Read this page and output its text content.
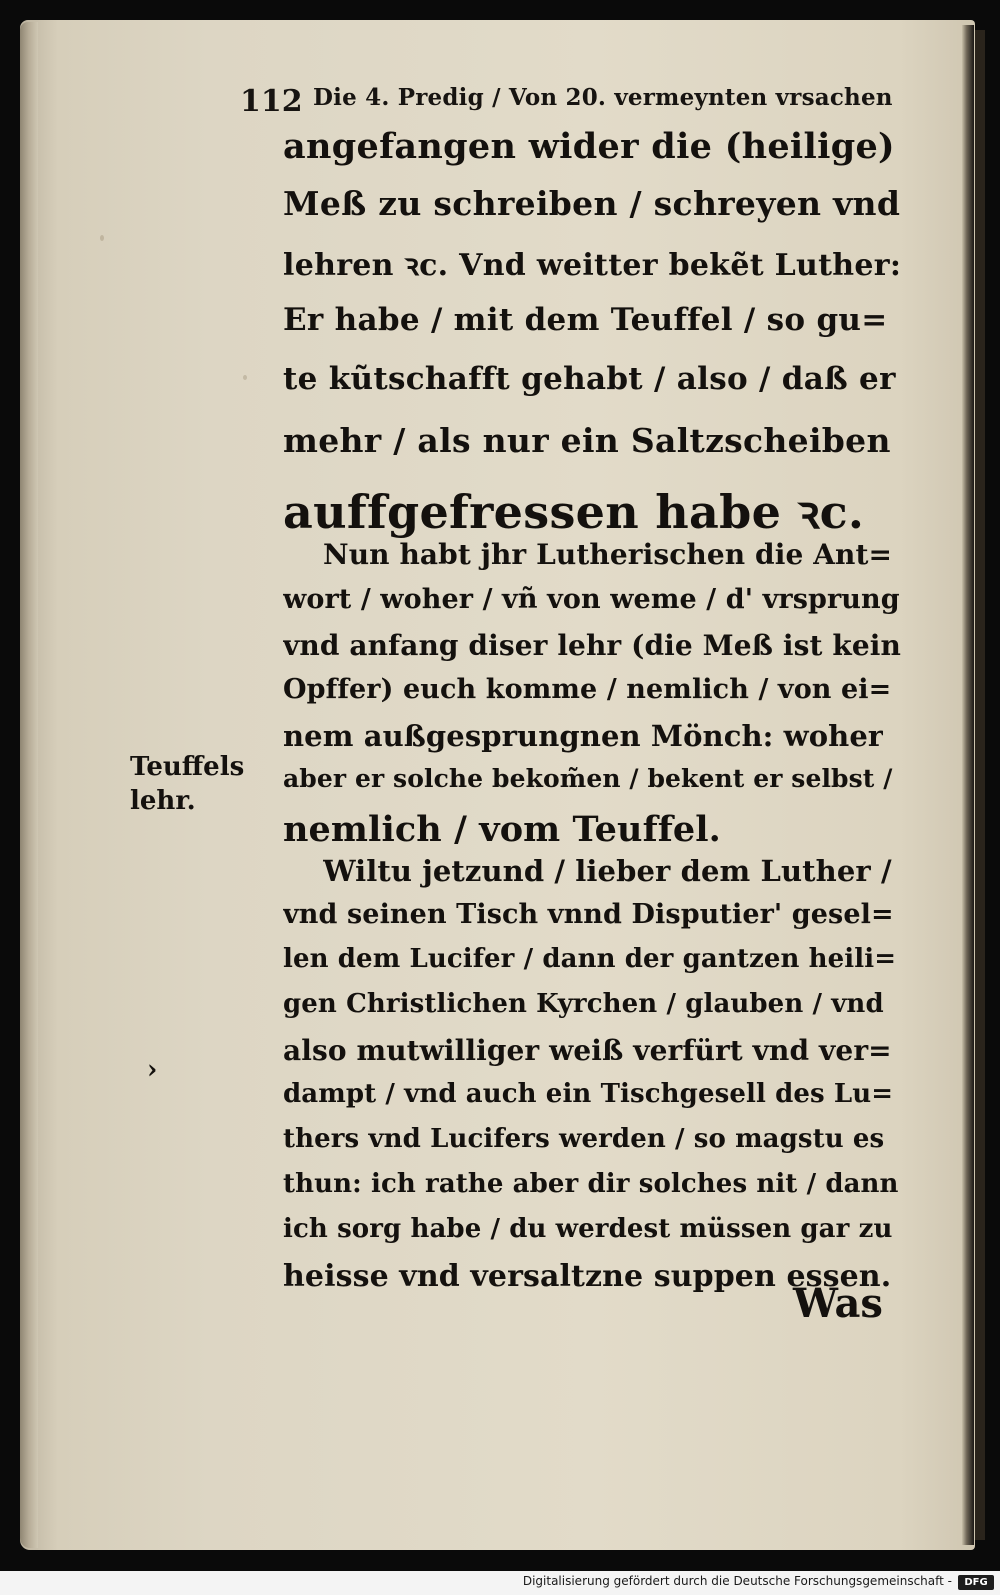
112 Die 4. Predig / Von 20. vermeynten vrsachen
angefangen wider die (heilige)
Meß zu schreiben / schreyen vnd
lehren ꝛc. Vnd weitter bekẽt Luther:
Er habe / mit dem Teuffel / so gu=
te kũtschafft gehabt / also / daß er
mehr / als nur ein Saltzscheiben
auffgefressen habe ꝛc.
Nun habt jhr Lutherischen die Ant=
wort / woher / vñ von weme / d' vrsprung
vnd anfang diser lehr (die Meß ist kein
Opffer) euch komme / nemlich / von ei=
nem außgesprungnen Mönch: woher
aber er solche bekom̃en / bekent er selbst /
nemlich / vom Teuffel.
Wiltu jetzund / lieber dem Luther /
vnd seinen Tisch vnnd Disputier' gesel=
len dem Lucifer / dann der gantzen heili=
gen Christlichen Kyrchen / glauben / vnd
also mutwilliger weiß verfürt vnd ver=
dampt / vnd auch ein Tischgesell des Lu=
thers vnd Lucifers werden / so magstu es
thun: ich rathe aber dir solches nit / dann
ich sorg habe / du werdest müssen gar zu
heisse vnd versaltzne suppen essen.
Teuffels
lehr.
›
Was
Digitalisierung gefördert durch die Deutsche Forschungsgemeinschaft -	DFG
